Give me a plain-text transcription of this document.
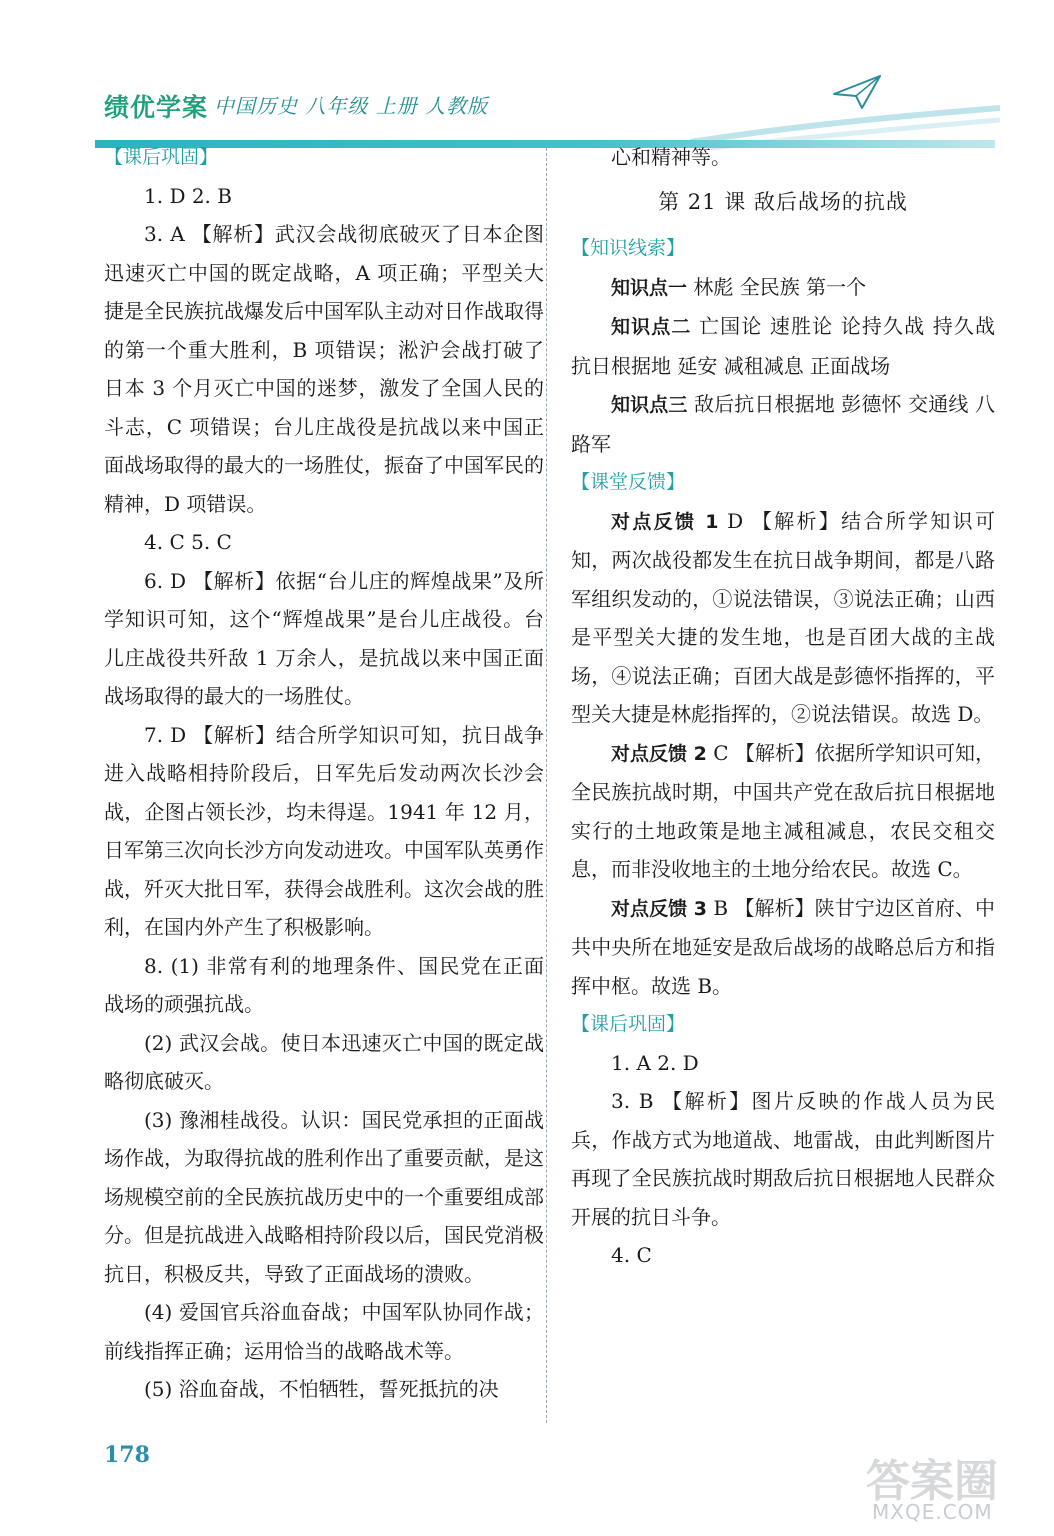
绩优学案 中国历史 八年级 上册 人教版

【课后巩固】

1. D 2. B

3. A 【解析】武汉会战彻底破灭了日本企图迅速灭亡中国的既定战略，A 项正确；平型关大捷是全民族抗战爆发后中国军队主动对日作战取得的第一个重大胜利，B 项错误；淞沪会战打破了日本 3 个月灭亡中国的迷梦，激发了全国人民的斗志，C 项错误；台儿庄战役是抗战以来中国正面战场取得的最大的一场胜仗，振奋了中国军民的精神，D 项错误。

4. C 5. C

6. D 【解析】依据“台儿庄的辉煌战果”及所学知识可知，这个“辉煌战果”是台儿庄战役。台儿庄战役共歼敌 1 万余人，是抗战以来中国正面战场取得的最大的一场胜仗。

7. D 【解析】结合所学知识可知，抗日战争进入战略相持阶段后，日军先后发动两次长沙会战，企图占领长沙，均未得逞。1941 年 12 月，日军第三次向长沙方向发动进攻。中国军队英勇作战，歼灭大批日军，获得会战胜利。这次会战的胜利，在国内外产生了积极影响。

8. (1) 非常有利的地理条件、国民党在正面战场的顽强抗战。

(2) 武汉会战。使日本迅速灭亡中国的既定战略彻底破灭。

(3) 豫湘桂战役。认识：国民党承担的正面战场作战，为取得抗战的胜利作出了重要贡献，是这场规模空前的全民族抗战历史中的一个重要组成部分。但是抗战进入战略相持阶段以后，国民党消极抗日，积极反共，导致了正面战场的溃败。

(4) 爱国官兵浴血奋战；中国军队协同作战；前线指挥正确；运用恰当的战略战术等。

(5) 浴血奋战，不怕牺牲，誓死抵抗的决

心和精神等。

第 21 课 敌后战场的抗战

【知识线索】

知识点一 林彪 全民族 第一个

知识点二 亡国论 速胜论 论持久战 持久战 抗日根据地 延安 减租减息 正面战场

知识点三 敌后抗日根据地 彭德怀 交通线 八路军

【课堂反馈】

对点反馈 1 D 【解析】结合所学知识可知，两次战役都发生在抗日战争期间，都是八路军组织发动的，①说法错误，③说法正确；山西是平型关大捷的发生地，也是百团大战的主战场，④说法正确；百团大战是彭德怀指挥的，平型关大捷是林彪指挥的，②说法错误。故选 D。

对点反馈 2 C 【解析】依据所学知识可知，全民族抗战时期，中国共产党在敌后抗日根据地实行的土地政策是地主减租减息，农民交租交息，而非没收地主的土地分给农民。故选 C。

对点反馈 3 B 【解析】陕甘宁边区首府、中共中央所在地延安是敌后战场的战略总后方和指挥中枢。故选 B。

【课后巩固】

1. A 2. D

3. B 【解析】图片反映的作战人员为民兵，作战方式为地道战、地雷战，由此判断图片再现了全民族抗战时期敌后抗日根据地人民群众开展的抗日斗争。

4. C

178
答案圈
MXQE.COM
